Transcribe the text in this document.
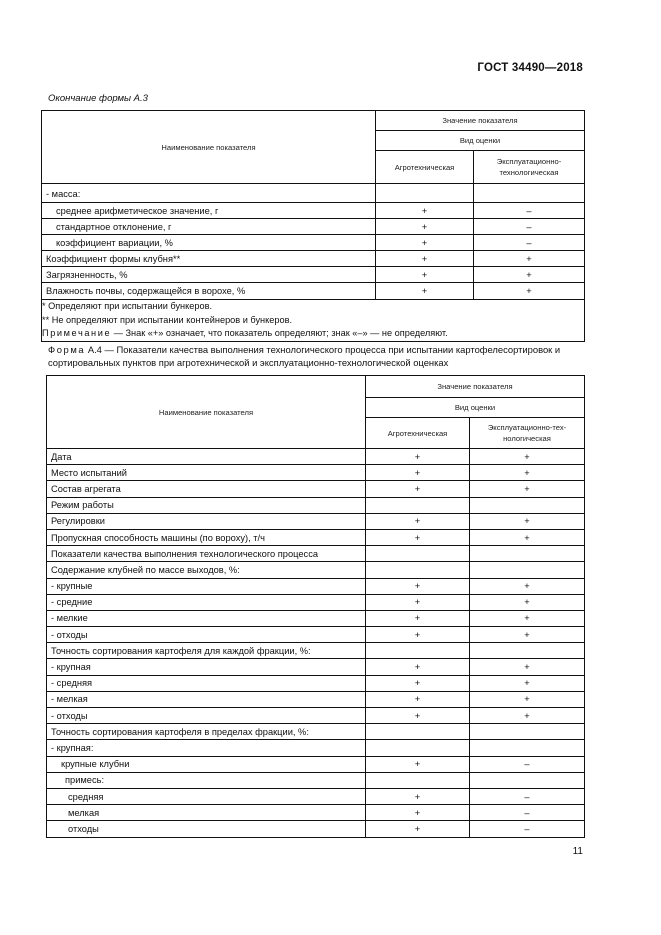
ГОСТ 34490—2018
Окончание формы А.3
Наименование показателя	Значение показателя	
	Вид оценки	
	Агротехническая	Эксплуатационно-
технологическая
- масса:		
среднее арифметическое значение, г	+	–
стандартное отклонение, г	+	–
коэффициент вариации, %	+	–
Коэффициент формы клубня**	+	+
Загрязненность, %	+	+
Влажность почвы, содержащейся в ворохе, %	+	+

* Определяют при испытании бункеров.
** Не определяют при испытании контейнеров и бункеров.
Примечание — Знак «+» означает, что показатель определяют; знак «–» — не определяют.		
Форма А.4 — Показатели качества выполнения технологического процесса при испытании картофелесортировок и сортировальных пунктов при агротехнической и эксплуатационно-технологической оценках
Наименование показателя	Значение показателя	
	Вид оценки	
	Агротехническая	Эксплуатационно-тех-
нологическая
Дата	+	+
Место испытаний	+	+
Состав агрегата	+	+
Режим работы		
Регулировки	+	+
Пропускная способность машины (по вороху), т/ч	+	+
Показатели качества выполнения технологического процесса		
Содержание клубней по массе выходов, %:		
- крупные	+	+
- средние	+	+
- мелкие	+	+
- отходы	+	+
Точность сортирования картофеля для каждой фракции, %:		
- крупная	+	+
- средняя	+	+
- мелкая	+	+
- отходы	+	+
Точность сортирования картофеля в пределах фракции, %:		
- крупная:		
крупные клубни	+	–
примесь:		
средняя	+	–
мелкая	+	–
отходы	+	–
11
